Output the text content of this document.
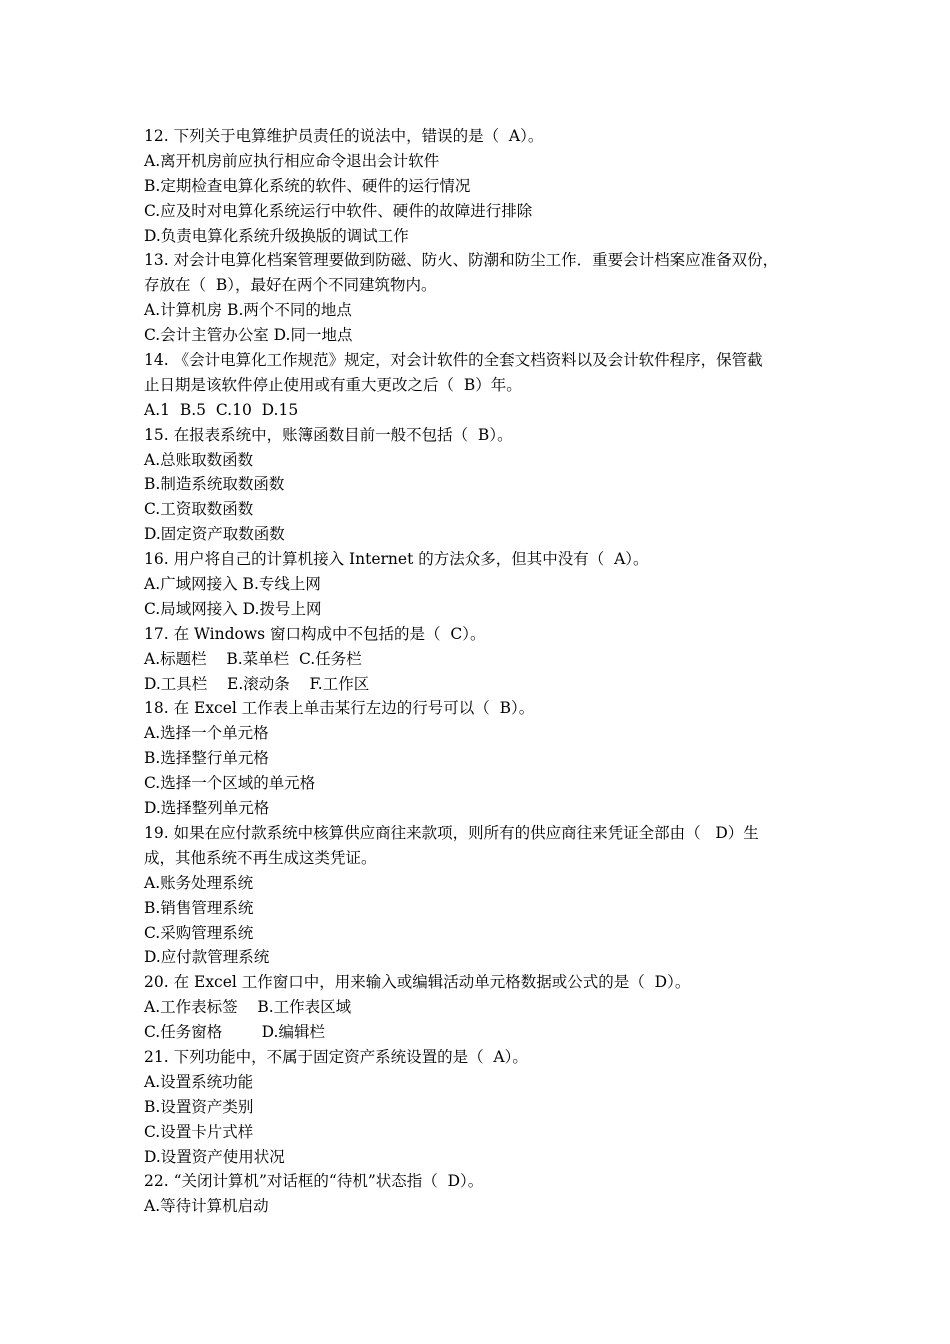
12. 下列关于电算维护员责任的说法中，错误的是（  A）。
A.离开机房前应执行相应命令退出会计软件
B.定期检查电算化系统的软件、硬件的运行情况
C.应及时对电算化系统运行中软件、硬件的故障进行排除
D.负责电算化系统升级换版的调试工作
13. 对会计电算化档案管理要做到防磁、防火、防潮和防尘工作．重要会计档案应准备双份，
存放在（  B），最好在两个不同建筑物内。
A.计算机房 B.两个不同的地点
C.会计主管办公室 D.同一地点
14. 《会计电算化工作规范》规定，对会计软件的全套文档资料以及会计软件程序，保管截
止日期是该软件停止使用或有重大更改之后（  B）年。
A.1  B.5  C.10  D.15
15. 在报表系统中，账簿函数目前一般不包括（  B）。
A.总账取数函数
B.制造系统取数函数
C.工资取数函数
D.固定资产取数函数
16. 用户将自己的计算机接入 Internet 的方法众多，但其中没有（  A）。
A.广域网接入 B.专线上网
C.局域网接入 D.拨号上网
17. 在 Windows 窗口构成中不包括的是（  C）。
A.标题栏    B.菜单栏  C.任务栏
D.工具栏    E.滚动条    F.工作区
18. 在 Excel 工作表上单击某行左边的行号可以（  B）。
A.选择一个单元格
B.选择整行单元格
C.选择一个区域的单元格
D.选择整列单元格
19. 如果在应付款系统中核算供应商往来款项，则所有的供应商往来凭证全部由（   D）生
成，其他系统不再生成这类凭证。
A.账务处理系统
B.销售管理系统
C.采购管理系统
D.应付款管理系统
20. 在 Excel 工作窗口中，用来输入或编辑活动单元格数据或公式的是（  D）。
A.工作表标签    B.工作表区域
C.任务窗格        D.编辑栏
21. 下列功能中，不属于固定资产系统设置的是（  A）。
A.设置系统功能
B.设置资产类别
C.设置卡片式样
D.设置资产使用状况
22. “关闭计算机”对话框的“待机”状态指（  D）。
A.等待计算机启动
